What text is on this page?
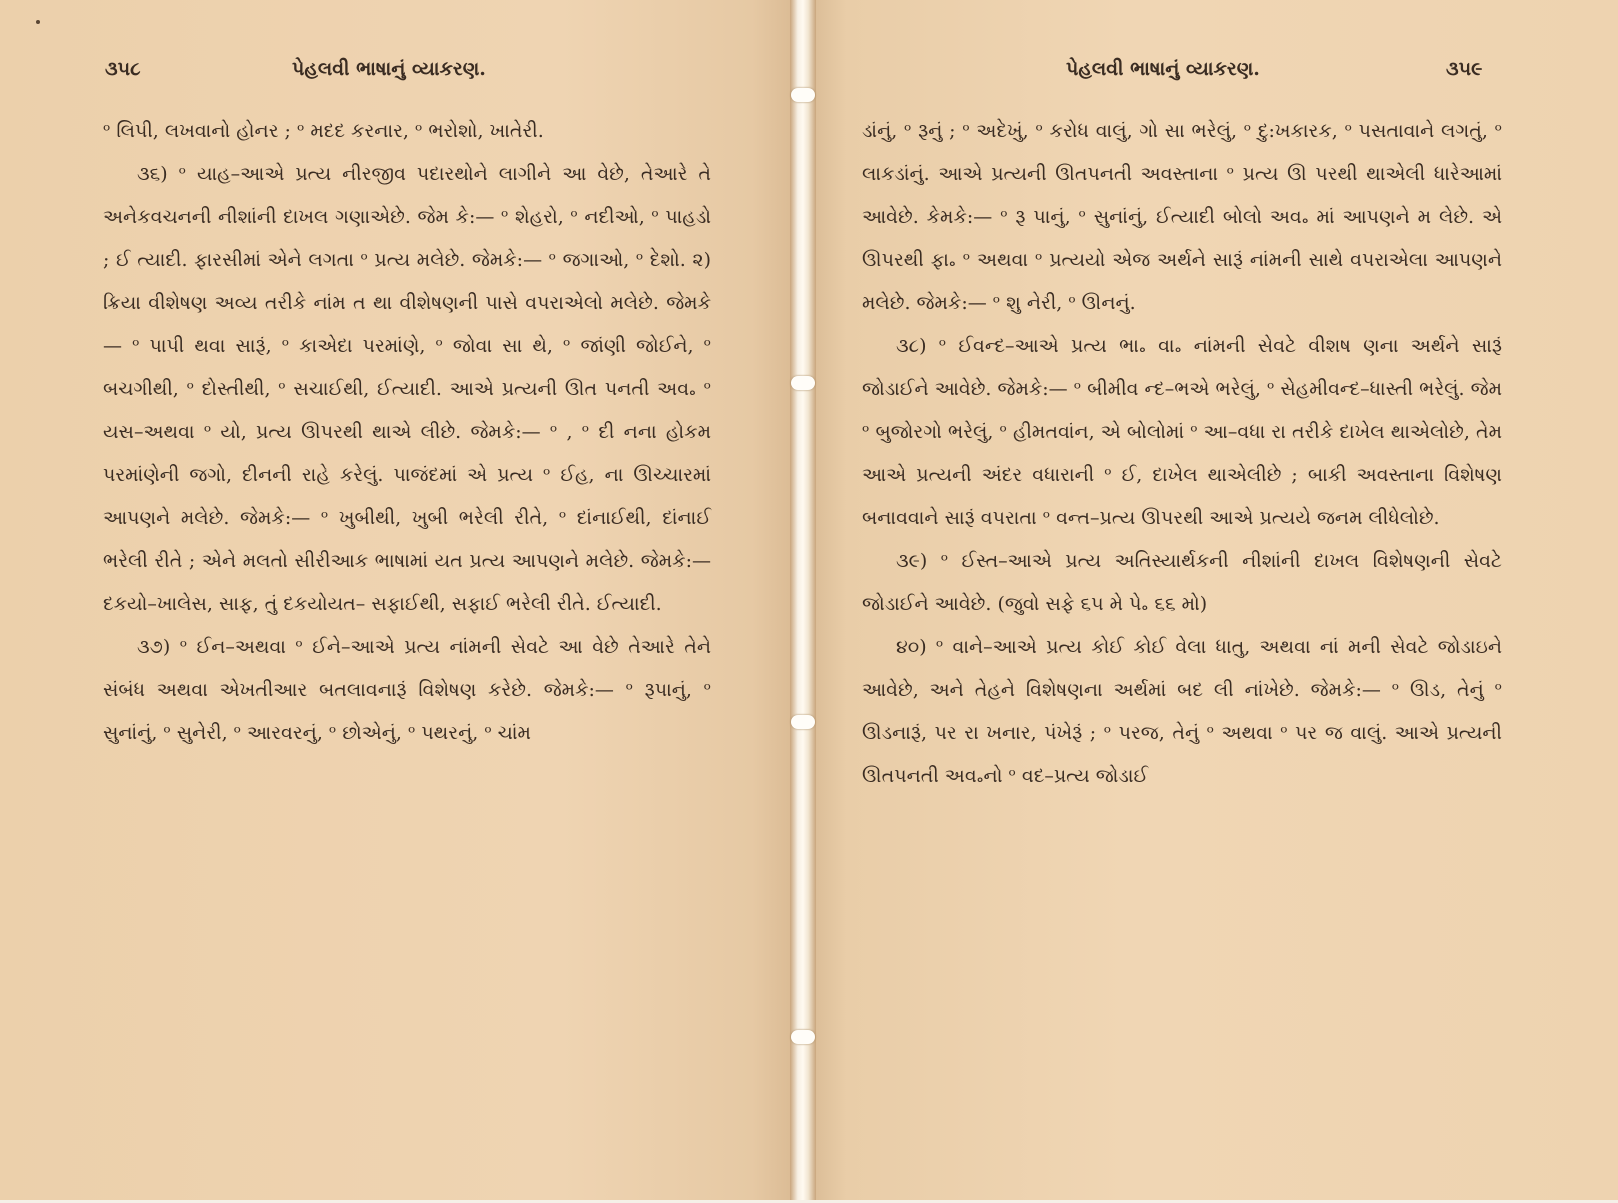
૩૫૮	પેહલવી ભાષાનું વ્યાકરણ.

ᵒ લિપી, લખવાનો હોનર ; ᵒ મદદ કરનાર, ᵒ ભરોશો, ખાતેરી.

૩૬) ᵒ યાહ–આએ પ્રત્ય નીરજીવ પદારથોને લાગીને આ વેછે, તેઆરે તે અનેકવચનની નીશાંની દાખલ ગણાએછે. જેમ કે:— ᵒ શેહરો, ᵒ નદીઓ, ᵒ પાહડો ; ઈ ત્યાદી. ફારસીમાં એને લગતા ᵒ પ્રત્ય મલેછે. જેમકે:— ᵒ જગાઓ, ᵒ દેશો. ૨) ક્રિયા વીશેષણ અવ્ય તરીકે નાંમ ત થા વીશેષણની પાસે વપરાએલો મલેછે. જેમકે— ᵒ પાપી થવા સારૂં, ᵒ કાએદા પરમાંણે, ᵒ જોવા સા થે, ᵒ જાંણી જોઈને, ᵒ બચગીથી, ᵒ દોસ્તીથી, ᵒ સચાઈથી, ઈત્યાદી. આએ પ્રત્યની ઊત પનતી અવ૰ ᵒ યસ–અથવા ᵒ યો, પ્રત્ય ઊપરથી થાએ લીછે. જેમકે:— ᵒ , ᵒ દી નના હોકમ પરમાંણેની જગો, દીનની રાહે કરેલું. પાજંદમાં એ પ્રત્ય ᵒ ઈહ, ના ઊચ્ચારમાં આપણને મલેછે. જેમકે:— ᵒ ખુબીથી, ખુબી ભરેલી રીતે, ᵒ દાંનાઈથી, દાંનાઈ ભરેલી રીતે ; એને મલતો સીરીઆક ભાષામાં યત પ્રત્ય આપણને મલેછે. જેમકે:— દકયો–ખાલેસ, સાફ, તું દકયોયત– સફાઈથી, સફાઈ ભરેલી રીતે. ઈત્યાદી.

૩૭) ᵒ ઈન–અથવા ᵒ ઈને–આએ પ્રત્ય નાંમની સેવટે આ વેછે તેઆરે તેને સંબંધ અથવા એખતીઆર બતલાવનારૂં વિશેષણ કરેછે. જેમકે:— ᵒ રૂપાનું, ᵒ સુનાંનું, ᵒ સુનેરી, ᵒ આરવરનું, ᵒ છોએનું, ᵒ પથરનું, ᵒ ચાંમ

પેહલવી ભાષાનું વ્યાકરણ.	૩૫૯

ડાંનું, ᵒ રૂનું ; ᵒ અદેખું, ᵒ કરોધ વાલું, ગો સા ભરેલું, ᵒ દુ:ખકારક, ᵒ પસતાવાને લગતું, ᵒ લાકડાંનું. આએ પ્રત્યની ઊતપનતી અવસ્તાના ᵒ પ્રત્ય ઊ પરથી થાએલી ધારેઆમાં આવેછે. કેમકે:— ᵒ રૂ પાનું, ᵒ સુનાંનું, ઈત્યાદી બોલો અવ૰ માં આપણને મ લેછે. એ ઊપરથી ફા૰ ᵒ અથવા ᵒ પ્રત્યયો એજ અર્થને સારૂં નાંમની સાથે વપરાએલા આપણને મલેછે. જેમકે:— ᵒ શુ નેરી, ᵒ ઊનનું.

૩૮) ᵒ ઈવન્દ–આએ પ્રત્ય ભા૰ વા૰ નાંમની સેવટે વીશષ ણના અર્થને સારૂં જોડાઈને આવેછે. જેમકે:— ᵒ બીમીવ ન્દ–ભએ ભરેલું, ᵒ સેહમીવન્દ–ધાસ્તી ભરેલું. જેમ ᵒ બુજોરગો ભરેલું, ᵒ હીમતવાંન, એ બોલોમાં ᵒ આ–વધા રા તરીકે દાખેલ થાએલોછે, તેમ આએ પ્રત્યની અંદર વધારાની ᵒ ઈ, દાખેલ થાએલીછે ; બાકી અવસ્તાના વિશેષણ બનાવવાને સારૂં વપરાતા ᵒ વન્ત–પ્રત્ય ઊપરથી આએ પ્રત્યયે જનમ લીધેલોછે.

૩૯) ᵒ ઈસ્ત–આએ પ્રત્ય અતિસ્યાર્થકની નીશાંની દાખલ વિશેષણની સેવટે જોડાઈને આવેછે. (જુવો સફે ૬૫ મે પે૰ ૬૬ મો)

૪૦) ᵒ વાને–આએ પ્રત્ય કોઈ કોઈ વેલા ધાતુ, અથવા નાં મની સેવટે જોડાઇને આવેછે, અને તેહને વિશેષણના અર્થમાં બદ લી નાંખેછે. જેમકે:— ᵒ ઊડ, તેનું ᵒ ઊડનારૂં, પર રા ખનાર, પંખેરૂં ; ᵒ પરજ, તેનું ᵒ અથવા ᵒ પર જ વાલું. આએ પ્રત્યની ઊતપનતી અવ૰નો ᵒ વદ–પ્રત્ય જોડાઈ
